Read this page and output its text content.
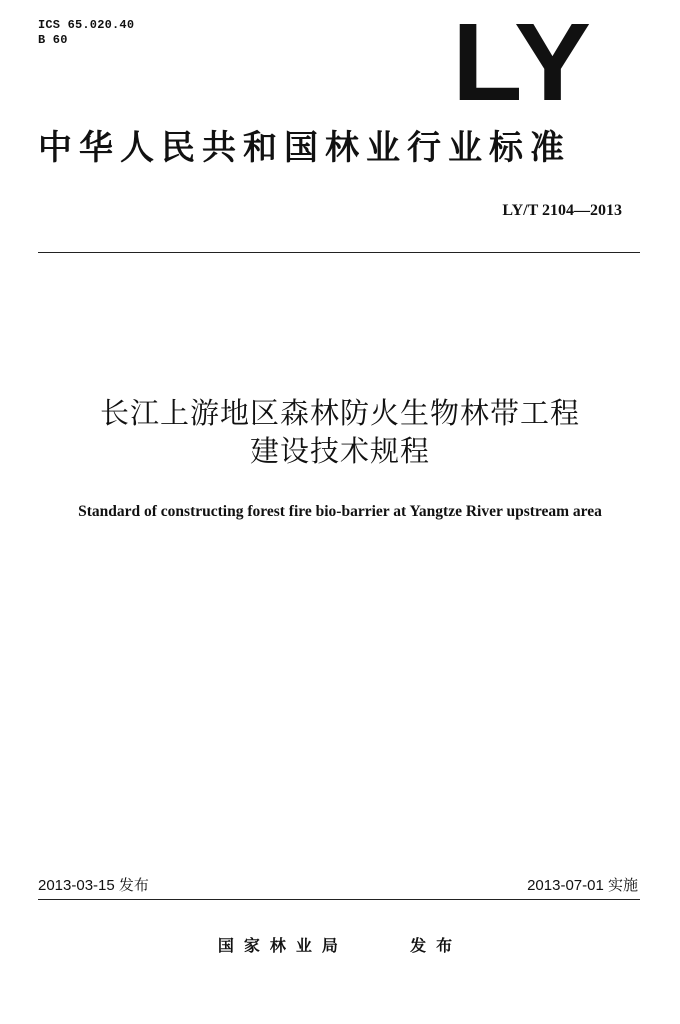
ICS 65.020.40
B 60	LY
中华人民共和国林业行业标准
LY/T 2104—2013
长江上游地区森林防火生物林带工程
建设技术规程
Standard of constructing forest fire bio-barrier at Yangtze River upstream area
2013-03-15 发布	2013-07-01 实施
国家林业局    发布
